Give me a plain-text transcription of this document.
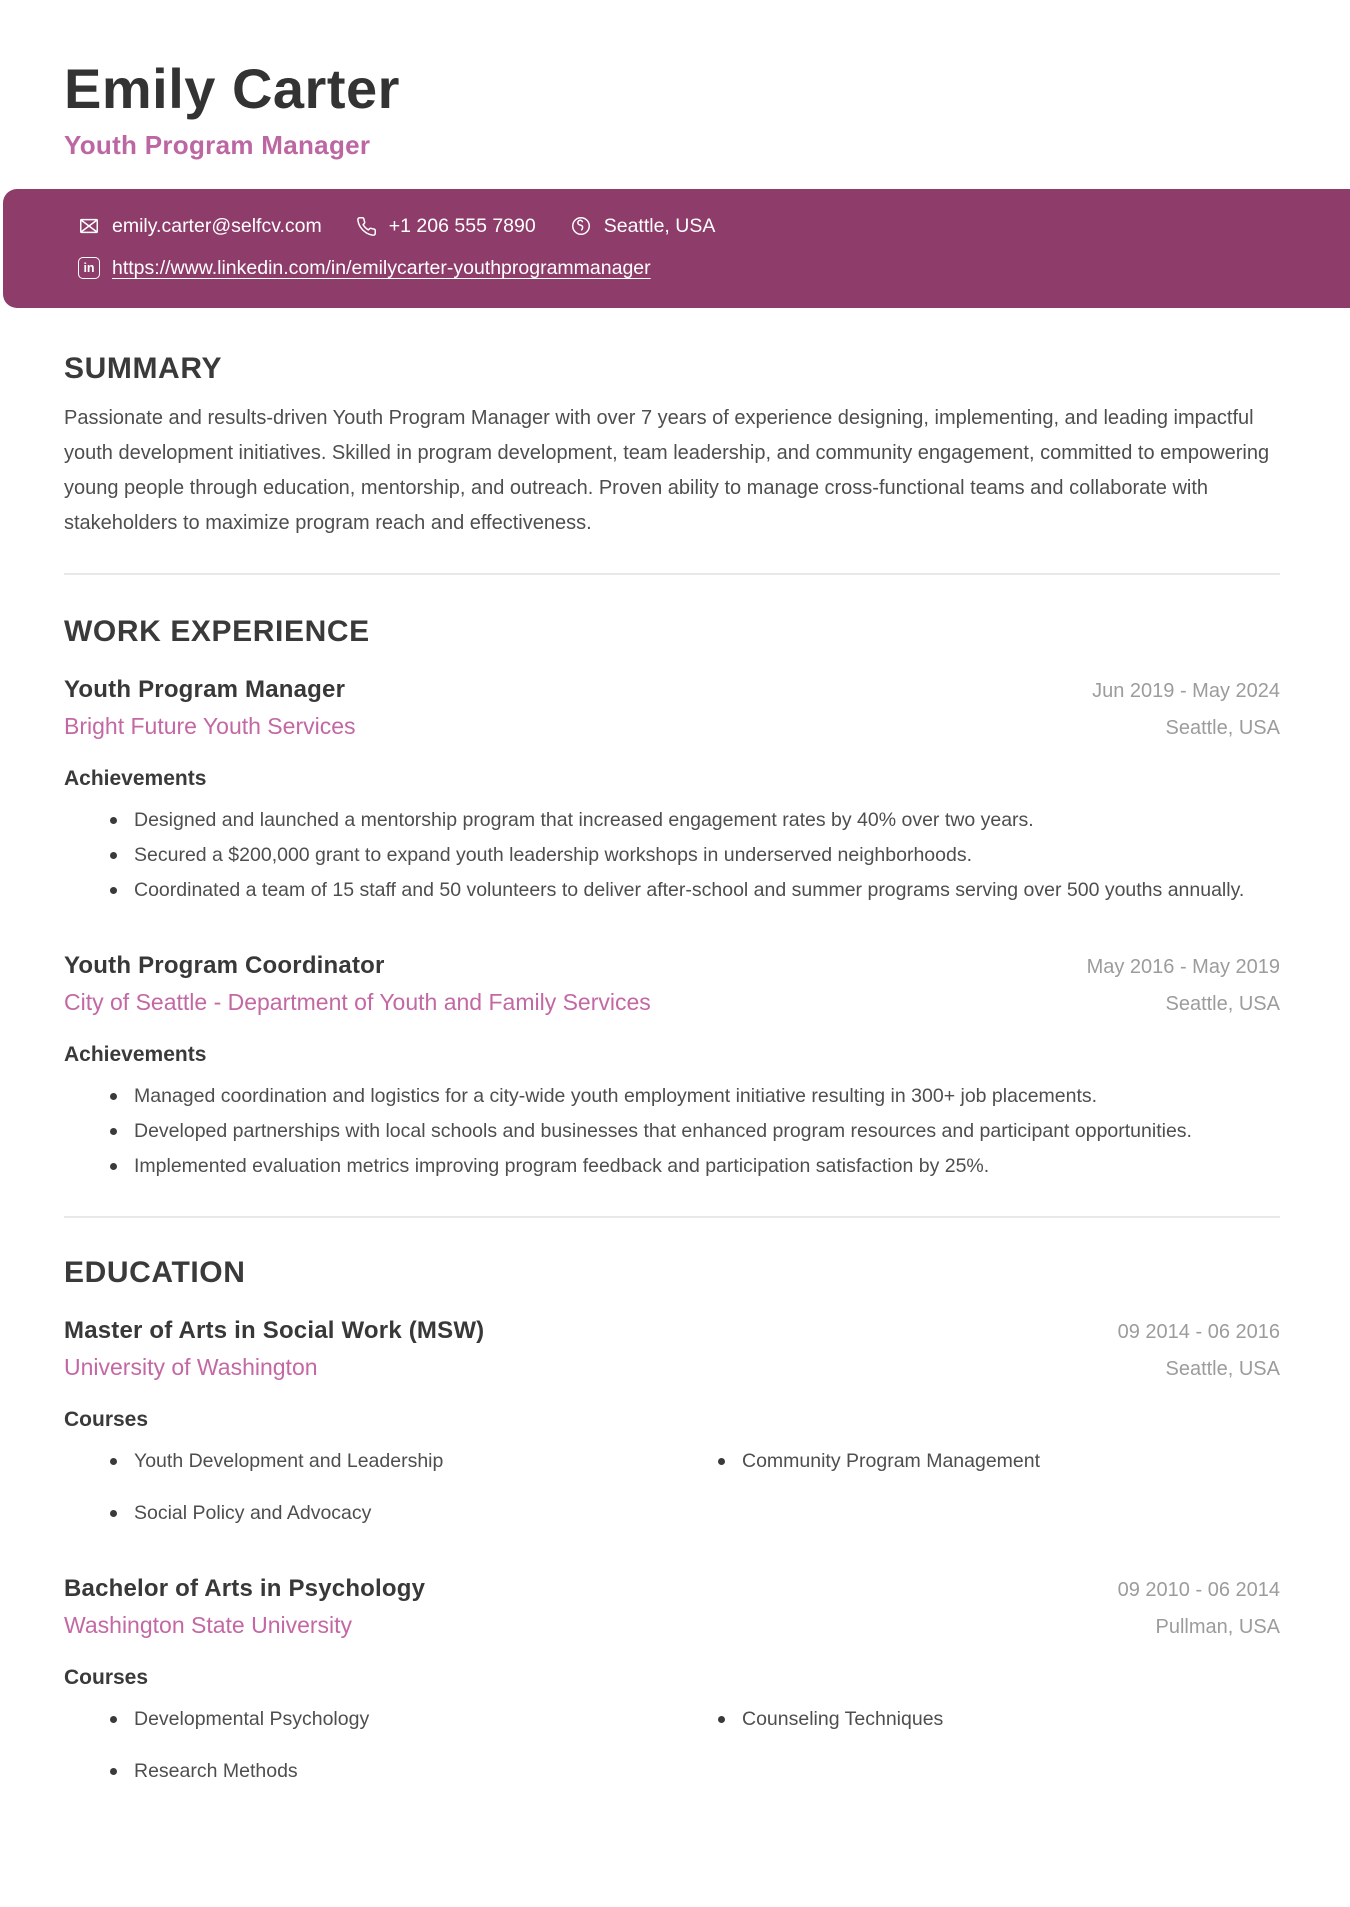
Emily Carter
Youth Program Manager
emily.carter@selfcv.com	+1 206 555 7890	Seattle, USA
in https://www.linkedin.com/in/emilycarter-youthprogrammanager
SUMMARY

Passionate and results-driven Youth Program Manager with over 7 years of experience designing, implementing, and leading impactful youth development initiatives. Skilled in program development, team leadership, and community engagement, committed to empowering young people through education, mentorship, and outreach. Proven ability to manage cross-functional teams and collaborate with stakeholders to maximize program reach and effectiveness.

WORK EXPERIENCE
Youth Program Manager	Jun 2019 - May 2024
Bright Future Youth Services	Seattle, USA
Achievements
Designed and launched a mentorship program that increased engagement rates by 40% over two years.
Secured a $200,000 grant to expand youth leadership workshops in underserved neighborhoods.
Coordinated a team of 15 staff and 50 volunteers to deliver after-school and summer programs serving over 500 youths annually.
Youth Program Coordinator	May 2016 - May 2019
City of Seattle - Department of Youth and Family Services	Seattle, USA
Achievements
Managed coordination and logistics for a city-wide youth employment initiative resulting in 300+ job placements.
Developed partnerships with local schools and businesses that enhanced program resources and participant opportunities.
Implemented evaluation metrics improving program feedback and participation satisfaction by 25%.
EDUCATION
Master of Arts in Social Work (MSW)	09 2014 - 06 2016
University of Washington	Seattle, USA
Courses
Youth Development and Leadership	Community Program Management
Social Policy and Advocacy
Bachelor of Arts in Psychology	09 2010 - 06 2014
Washington State University	Pullman, USA
Courses
Developmental Psychology	Counseling Techniques
Research Methods
